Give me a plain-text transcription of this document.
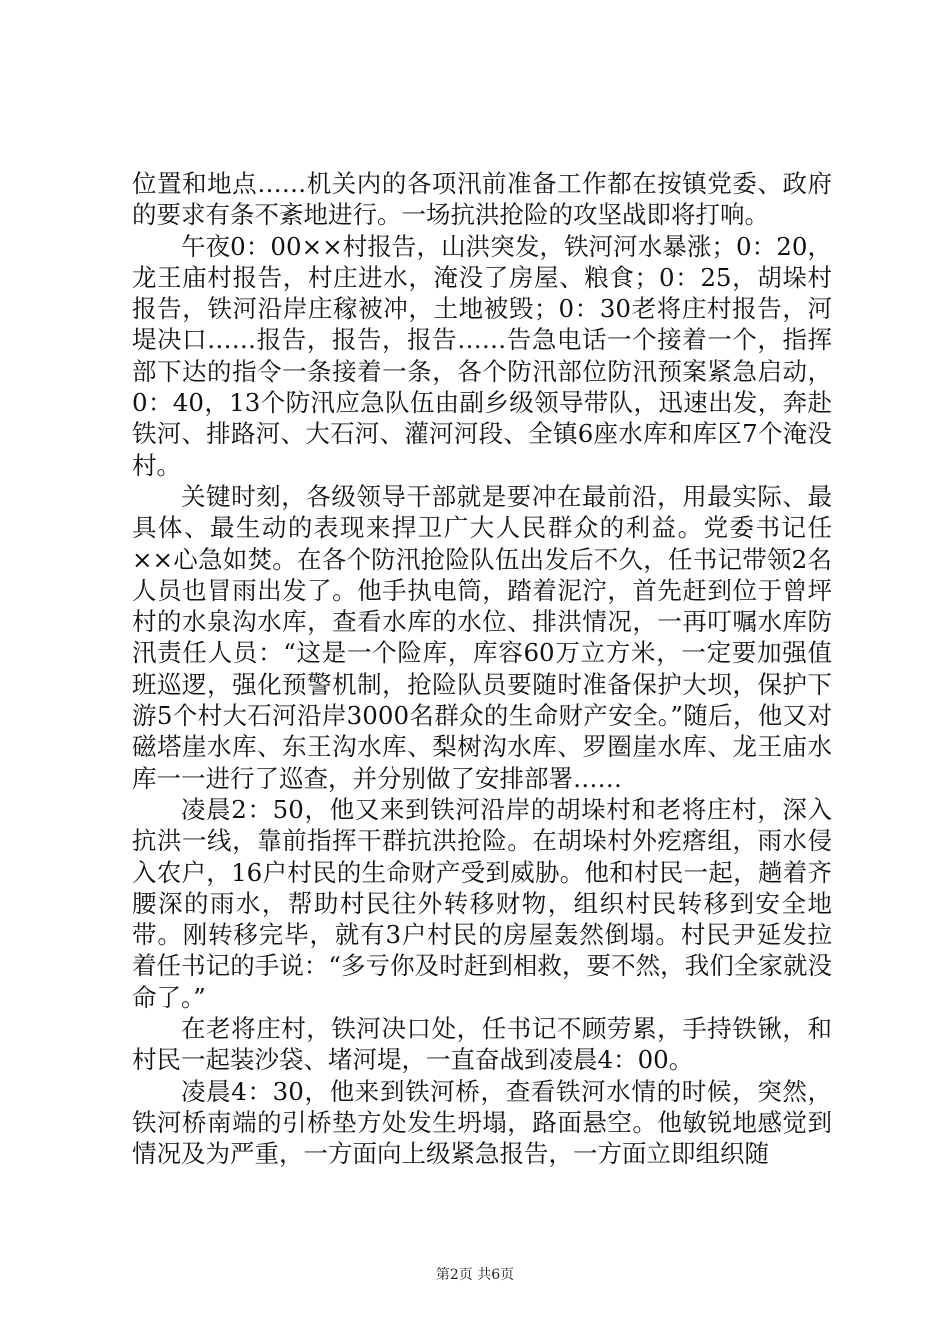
位置和地点……机关内的各项汛前准备工作都在按镇党委、政府的要求有条不紊地进行。一场抗洪抢险的攻坚战即将打响。

午夜0：00××村报告，山洪突发，铁河河水暴涨；0：20，龙王庙村报告，村庄进水，淹没了房屋、粮食；0：25，胡垛村报告，铁河沿岸庄稼被冲，土地被毁；0：30老将庄村报告，河堤决口……报告，报告，报告……告急电话一个接着一个，指挥部下达的指令一条接着一条，各个防汛部位防汛预案紧急启动，0：40，13个防汛应急队伍由副乡级领导带队，迅速出发，奔赴铁河、排路河、大石河、灌河河段、全镇6座水库和库区7个淹没村。

关键时刻，各级领导干部就是要冲在最前沿，用最实际、最具体、最生动的表现来捍卫广大人民群众的利益。党委书记任××心急如焚。在各个防汛抢险队伍出发后不久，任书记带领2名人员也冒雨出发了。他手执电筒，踏着泥泞，首先赶到位于曾坪村的水泉沟水库，查看水库的水位、排洪情况，一再叮嘱水库防汛责任人员：“这是一个险库，库容60万立方米，一定要加强值班巡逻，强化预警机制，抢险队员要随时准备保护大坝，保护下游5个村大石河沿岸3000名群众的生命财产安全。”随后，他又对磁塔崖水库、东王沟水库、梨树沟水库、罗圈崖水库、龙王庙水库一一进行了巡查，并分别做了安排部署……

凌晨2：50，他又来到铁河沿岸的胡垛村和老将庄村，深入抗洪一线，靠前指挥干群抗洪抢险。在胡垛村外疙瘩组，雨水侵入农户，16户村民的生命财产受到威胁。他和村民一起，趟着齐腰深的雨水，帮助村民往外转移财物，组织村民转移到安全地带。刚转移完毕，就有3户村民的房屋轰然倒塌。村民尹延发拉着任书记的手说：“多亏你及时赶到相救，要不然，我们全家就没命了。”

在老将庄村，铁河决口处，任书记不顾劳累，手持铁锹，和村民一起装沙袋、堵河堤，一直奋战到凌晨4：00。

凌晨4：30，他来到铁河桥，查看铁河水情的时候，突然，铁河桥南端的引桥垫方处发生坍塌，路面悬空。他敏锐地感觉到情况及为严重，一方面向上级紧急报告，一方面立即组织随

第2页 共6页
